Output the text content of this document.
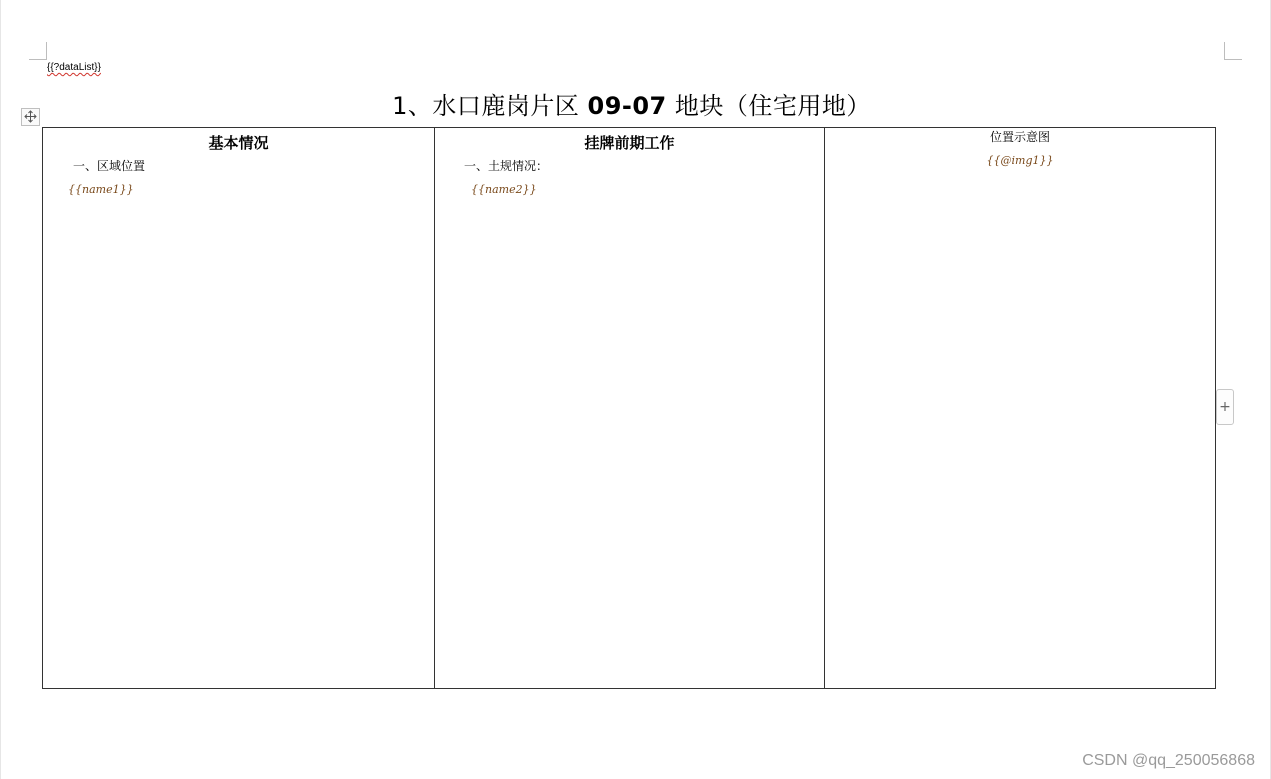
{{?dataList}}
1、水口鹿岗片区 09-07 地块（住宅用地）
基本情况
一、区域位置
{{name1}}
挂牌前期工作
一、土规情况：
{{name2}}
位置示意图
{{@img1}}
+
CSDN @qq_250056868
